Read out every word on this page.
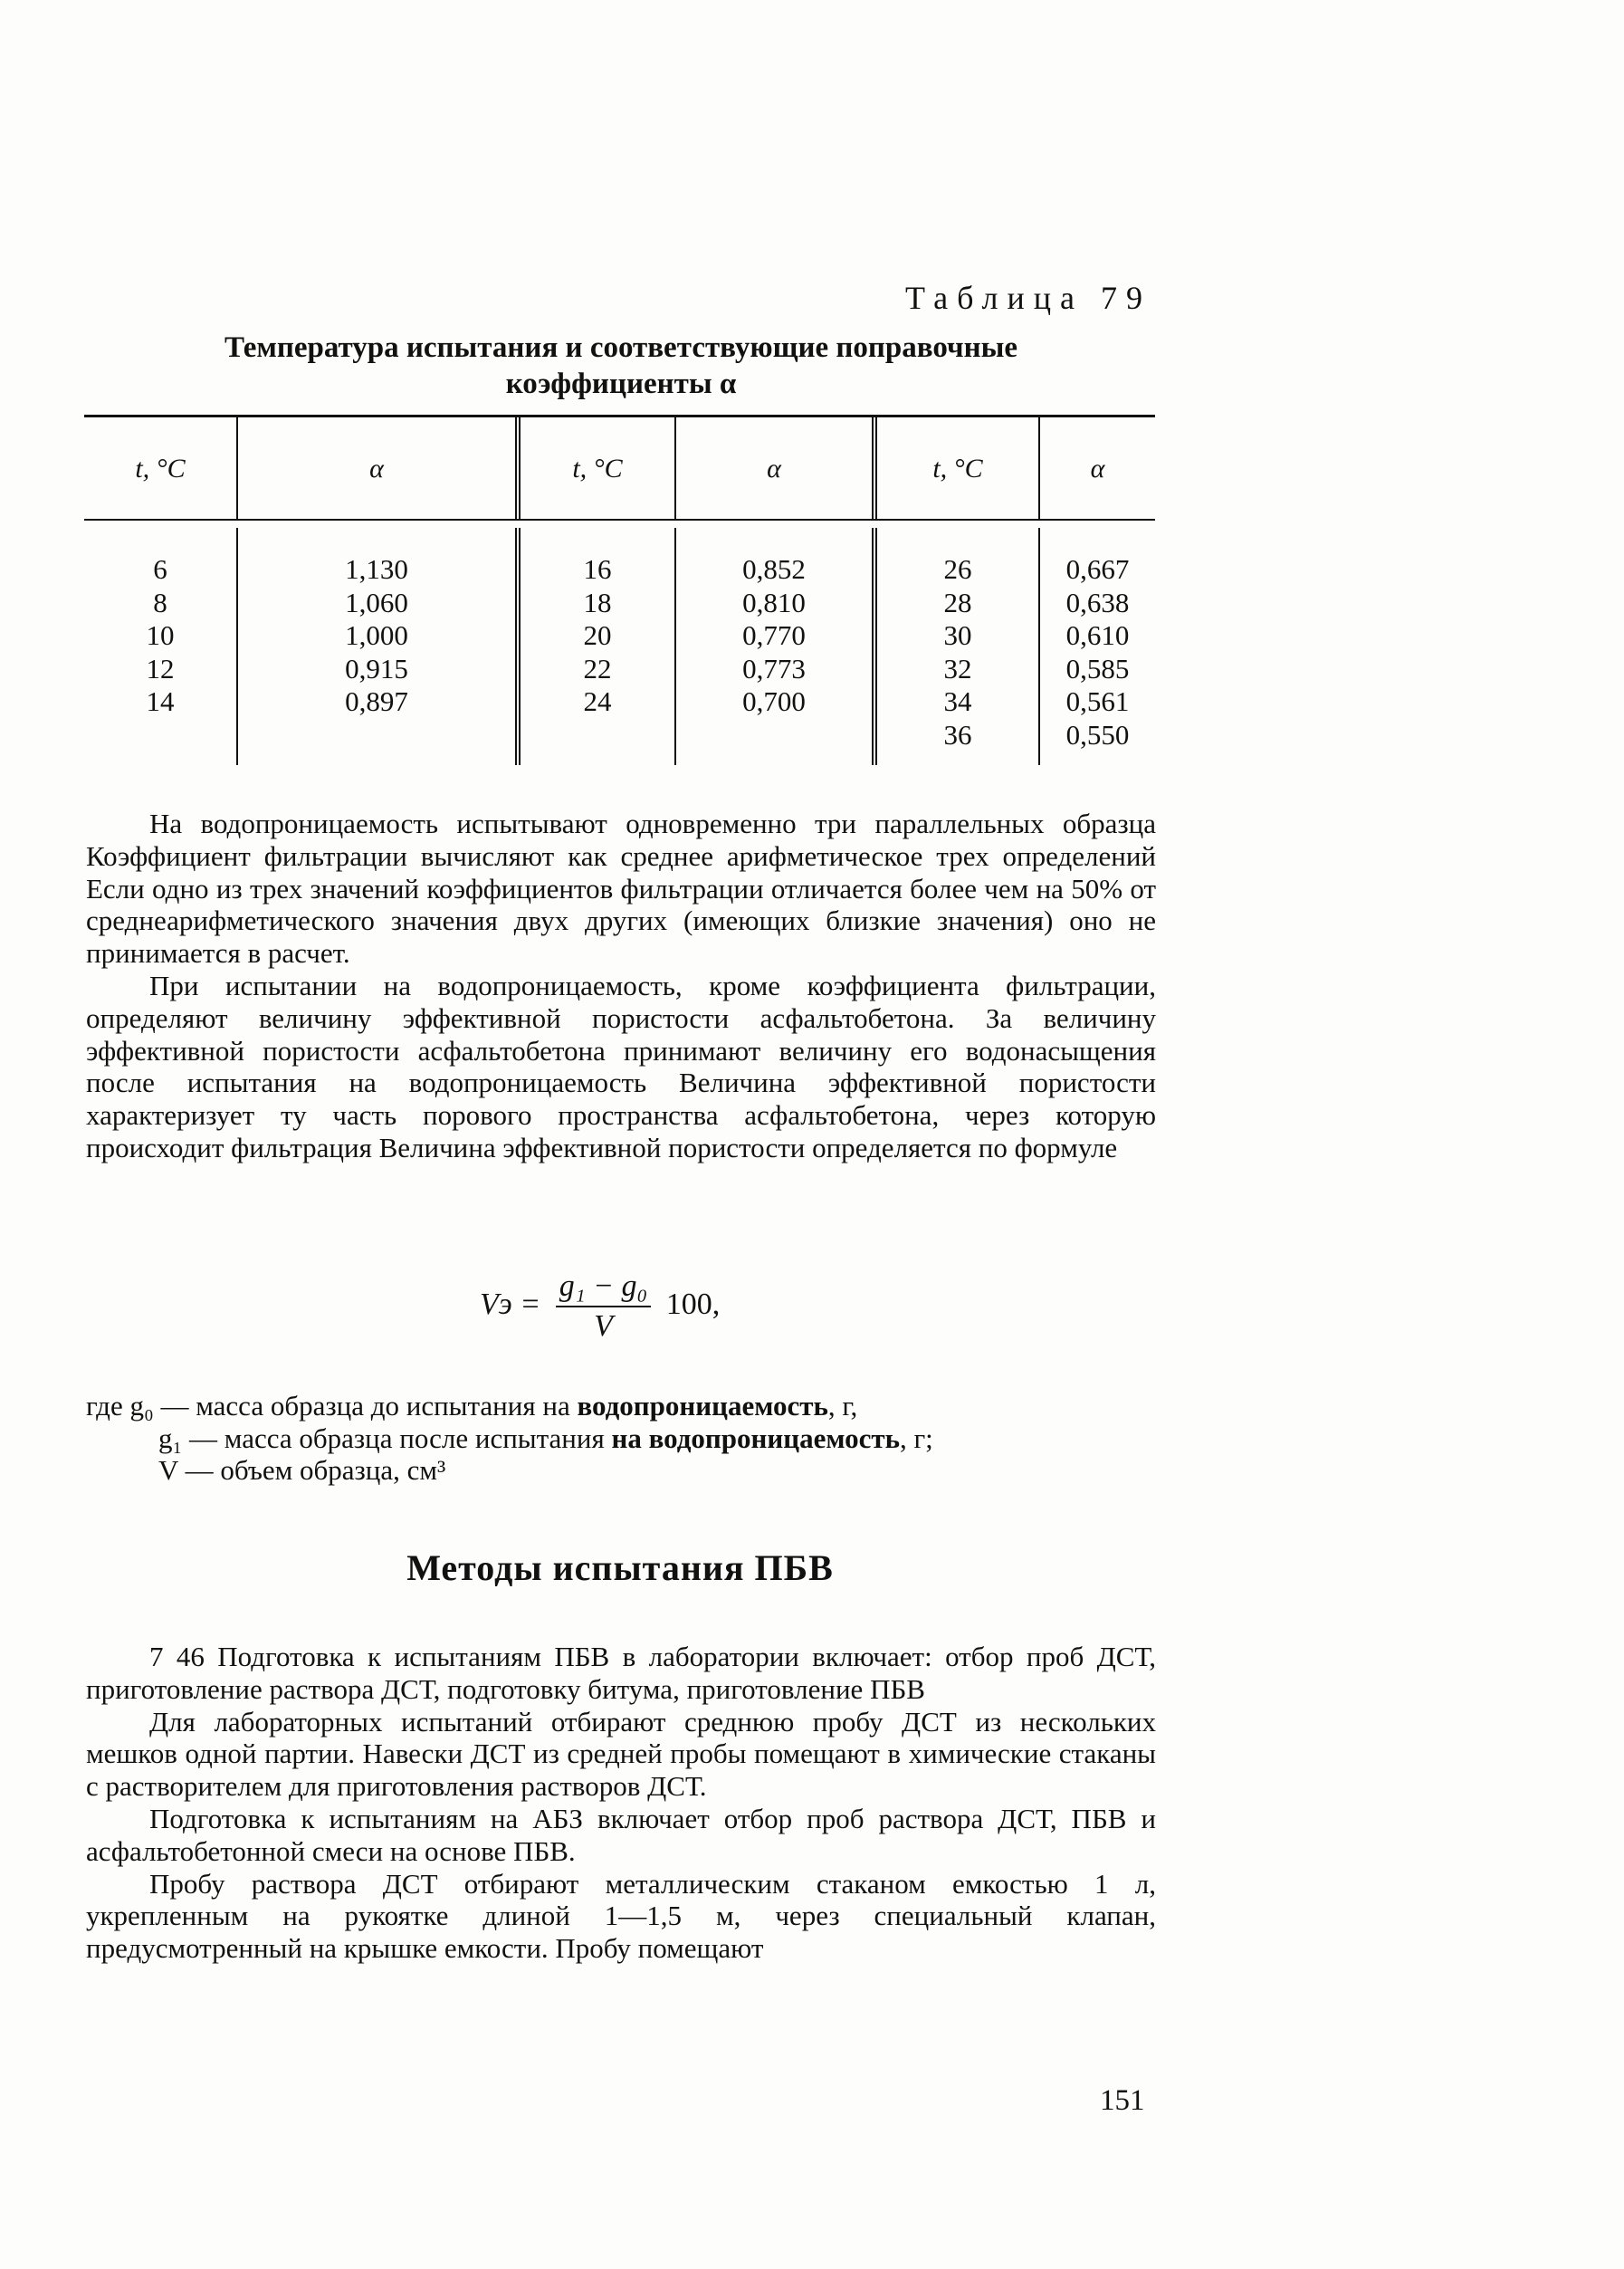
Таблица 79
Температура испытания и соответствующие поправочные
коэффициенты α
t, °C
6
8
10
12
14
α
1,130
1,060
1,000
0,915
0,897
t, °C
16
18
20
22
24
α
0,852
0,810
0,770
0,773
0,700
t, °C
26
28
30
32
34
36
α
0,667
0,638
0,610
0,585
0,561
0,550

На водопроницаемость испытывают одновременно три параллельных образца Коэффициент фильтрации вычисляют как среднее арифметическое трех определений Если одно из трех значений коэффициентов фильтрации отличается более чем на 50% от среднеарифметического значения двух других (имеющих близкие значения) оно не принимается в расчет.

При испытании на водопроницаемость, кроме коэффициента фильтрации, определяют величину эффективной пористости асфальтобетона. За величину эффективной пористости асфальтобетона принимают величину его водонасыщения после испытания на водопроницаемость Величина эффективной пористости характеризует ту часть порового пространства асфальтобетона, через которую происходит фильтрация Величина эффективной пористости определяется по формуле

Vэ = $\frac{\text{g₁ − g₀}}{V} 100$,
где g₀ — масса образца до испытания на водопроницаемость, г,
g₁ — масса образца после испытания на водопроницаемость, г;
V — объем образца, см³
Методы испытания ПБВ

7 46 Подготовка к испытаниям ПБВ в лаборатории включает: отбор проб ДСТ, приготовление раствора ДСТ, подготовку битума, приготовление ПБВ

Для лабораторных испытаний отбирают среднюю пробу ДСТ из нескольких мешков одной партии. Навески ДСТ из средней пробы помещают в химические стаканы с растворителем для приготовления растворов ДСТ.

Подготовка к испытаниям на АБЗ включает отбор проб раствора ДСТ, ПБВ и асфальтобетонной смеси на основе ПБВ.

Пробу раствора ДСТ отбирают металлическим стаканом емкостью 1 л, укрепленным на рукоятке длиной 1—1,5 м, через специальный клапан, предусмотренный на крышке емкости. Пробу помещают

151
